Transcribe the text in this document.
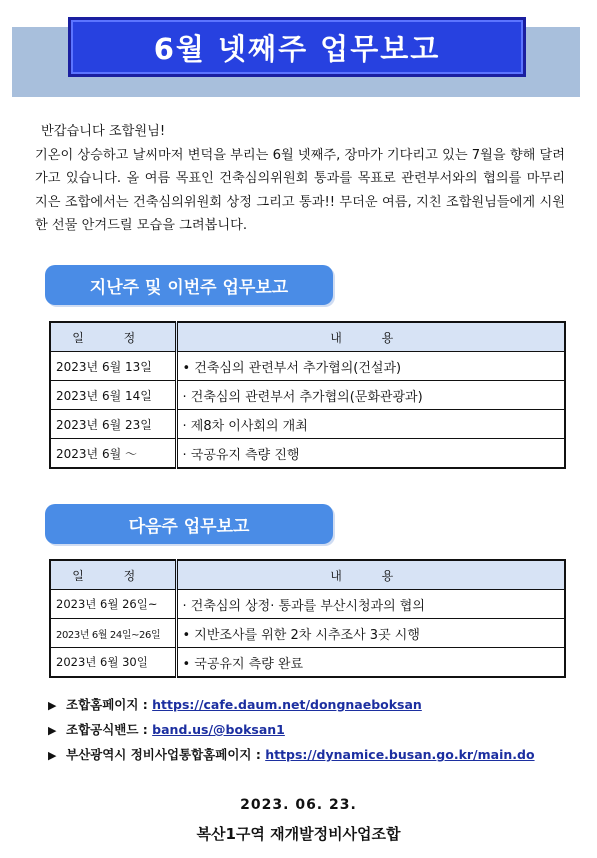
6월 넷째주 업무보고

반갑습니다 조합원님!

기온이 상승하고 날씨마저 변덕을 부리는 6월 넷째주, 장마가 기다리고 있는 7월을 향해 달려가고 있습니다. 올 여름 목표인 건축심의위원회 통과를 목표로 관련부서와의 협의를 마무리 지은 조합에서는 건축심의위원회 상정 그리고 통과!! 무더운 여름, 지친 조합원님들에게 시원한 선물 안겨드릴 모습을 그려봅니다.

지난주 및 이번주 업무보고
일 정	내 용
2023년 6월 13일	• 건축심의 관련부서 추가협의(건설과)
2023년 6월 14일	· 건축심의 관련부서 추가협의(문화관광과)
2023년 6월 23일	· 제8차 이사회의 개최
2023년 6월 ～	· 국공유지 측량 진행
다음주 업무보고
일 정	내 용
2023년 6월 26일~	· 건축심의 상정· 통과를 부산시청과의 협의
2023년 6월 24일~26일	• 지반조사를 위한 2차 시추조사 3곳 시행
2023년 6월 30일	• 국공유지 측량 완료
▶ 조합홈페이지 : https://cafe.daum.net/dongnaeboksan
▶ 조합공식밴드 : band.us/@boksan1
▶ 부산광역시 정비사업통합홈페이지 : https://dynamice.busan.go.kr/main.do
2023. 06. 23.
복산1구역 재개발정비사업조합
